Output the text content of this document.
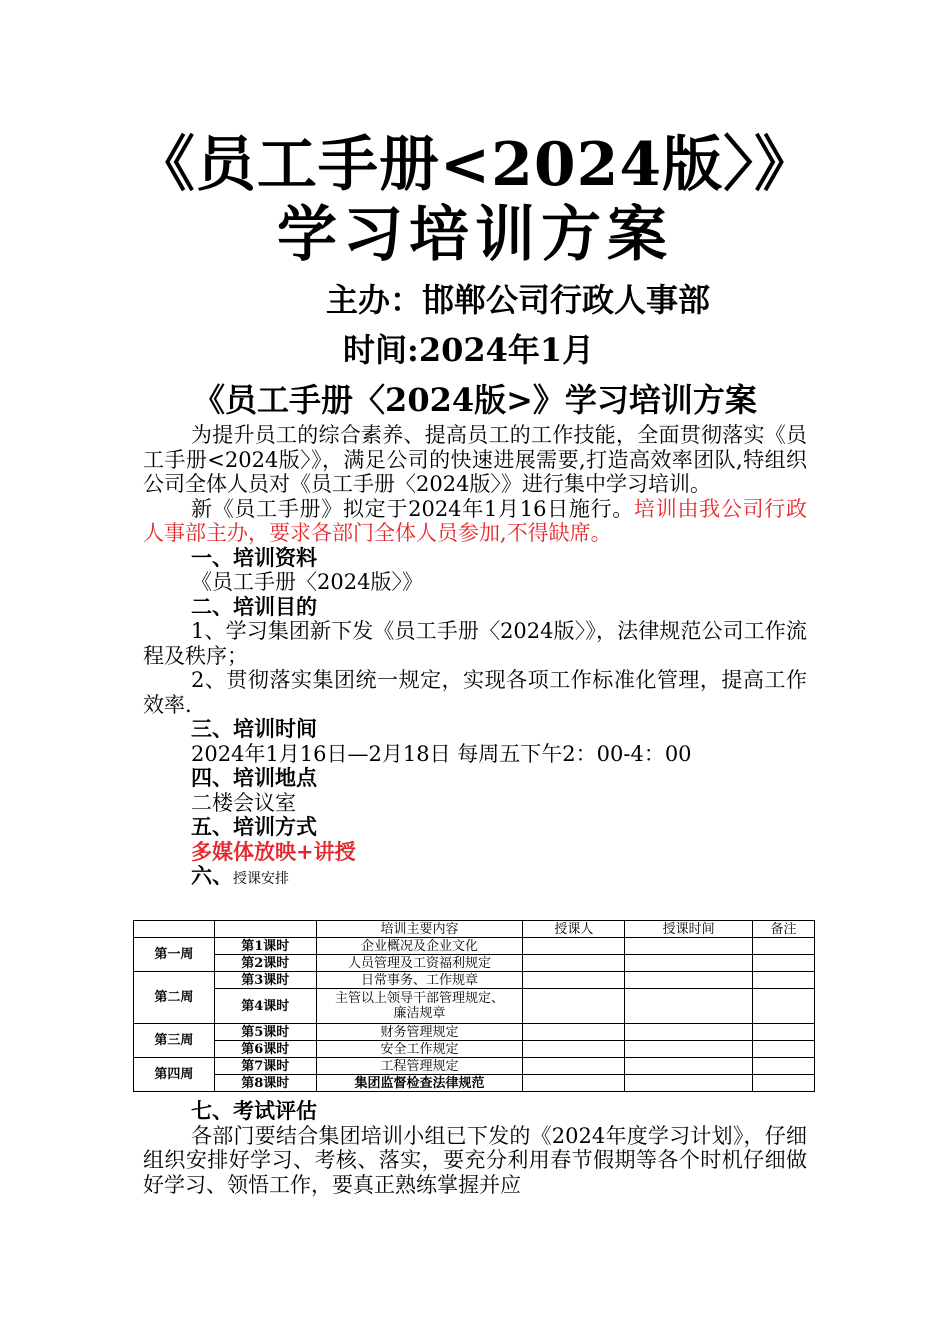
《员工手册<2024版〉》
学习培训方案
主办：邯郸公司行政人事部
时间:2024年1月
《员工手册〈2024版>》学习培训方案

为提升员工的综合素养、提高员工的工作技能，全面贯彻落实《员工手册<2024版〉》，满足公司的快速进展需要,打造高效率团队,特组织公司全体人员对《员工手册〈2024版〉》进行集中学习培训。

新《员工手册》拟定于2024年1月16日施行。培训由我公司行政人事部主办，要求各部门全体人员参加,不得缺席。

一、培训资料

《员工手册〈2024版〉》

二、培训目的

1、学习集团新下发《员工手册〈2024版〉》，法律规范公司工作流程及秩序；

2、贯彻落实集团统一规定，实现各项工作标准化管理，提高工作效率.

三、培训时间

2024年1月16日—2月18日 每周五下午2：00-4：00

四、培训地点

二楼会议室

五、培训方式

多媒体放映+讲授

六、授课安排

		培训主要内容	授课人	授课时间	备注
第一周	第1课时	企业概况及企业文化			
	第2课时	人员管理及工资福利规定			
第二周	第3课时	日常事务、工作规章			
	第4课时	主管以上领导干部管理规定、廉洁规章			
第三周	第5课时	财务管理规定			
	第6课时	安全工作规定			
第四周	第7课时	工程管理规定			
	第8课时	集团监督检查法律规范			

七、考试评估

各部门要结合集团培训小组已下发的《2024年度学习计划》，仔细组织安排好学习、考核、落实，要充分利用春节假期等各个时机仔细做好学习、领悟工作，要真正熟练掌握并应
